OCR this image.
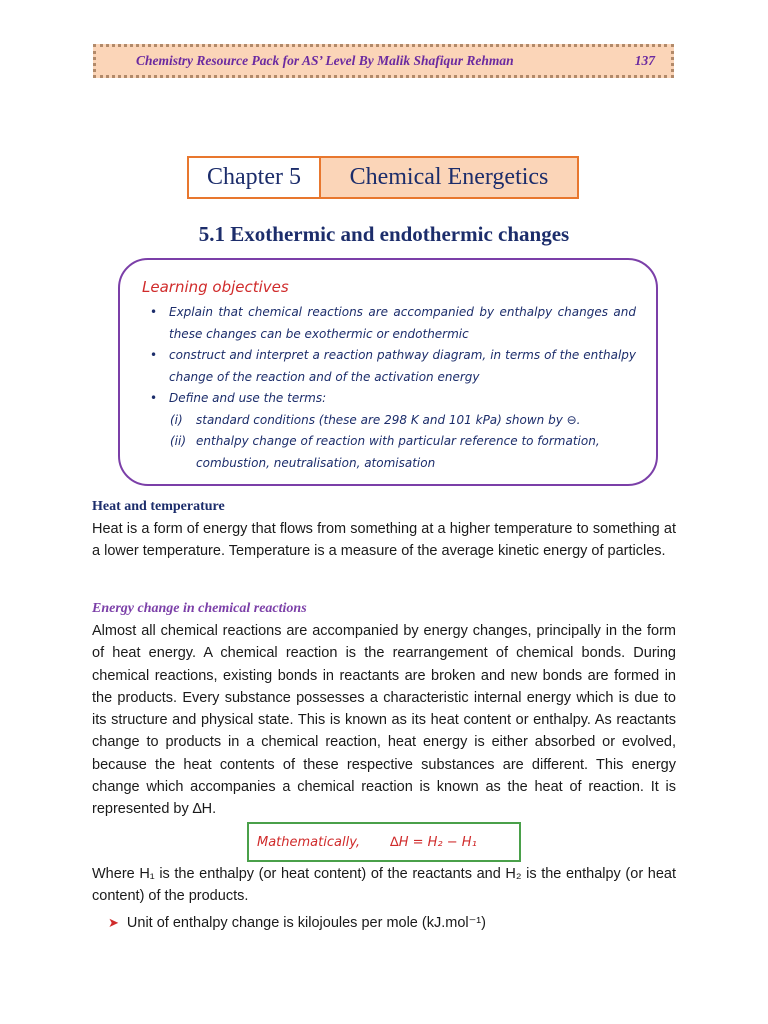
Chemistry Resource Pack for AS’ Level By Malik Shafiqur Rehman	137
Chapter 5	Chemical Energetics
5.1 Exothermic and endothermic changes
Learning objectives
• Explain that chemical reactions are accompanied by enthalpy changes and these changes can be exothermic or endothermic
• construct and interpret a reaction pathway diagram, in terms of the enthalpy change of the reaction and of the activation energy
• Define and use the terms:
(i) standard conditions (these are 298 K and 101 kPa) shown by ⊖.
(ii) enthalpy change of reaction with particular reference to formation, combustion, neutralisation, atomisation
Heat and temperature
Heat is a form of energy that flows from something at a higher temperature to something at a lower temperature. Temperature is a measure of the average kinetic energy of particles.
Energy change in chemical reactions
Almost all chemical reactions are accompanied by energy changes, principally in the form of heat energy. A chemical reaction is the rearrangement of chemical bonds. During chemical reactions, existing bonds in reactants are broken and new bonds are formed in the products. Every substance possesses a characteristic internal energy which is due to its structure and physical state. This is known as its heat content or enthalpy. As reactants change to products in a chemical reaction, heat energy is either absorbed or evolved, because the heat contents of these respective substances are different. This energy change which accompanies a chemical reaction is known as the heat of reaction. It is represented by ∆H.
Mathematically, ∆H = H₂ − H₁
Where H₁ is the enthalpy (or heat content) of the reactants and H₂ is the enthalpy (or heat content) of the products.
➤ Unit of enthalpy change is kilojoules per mole (kJ.mol⁻¹)
